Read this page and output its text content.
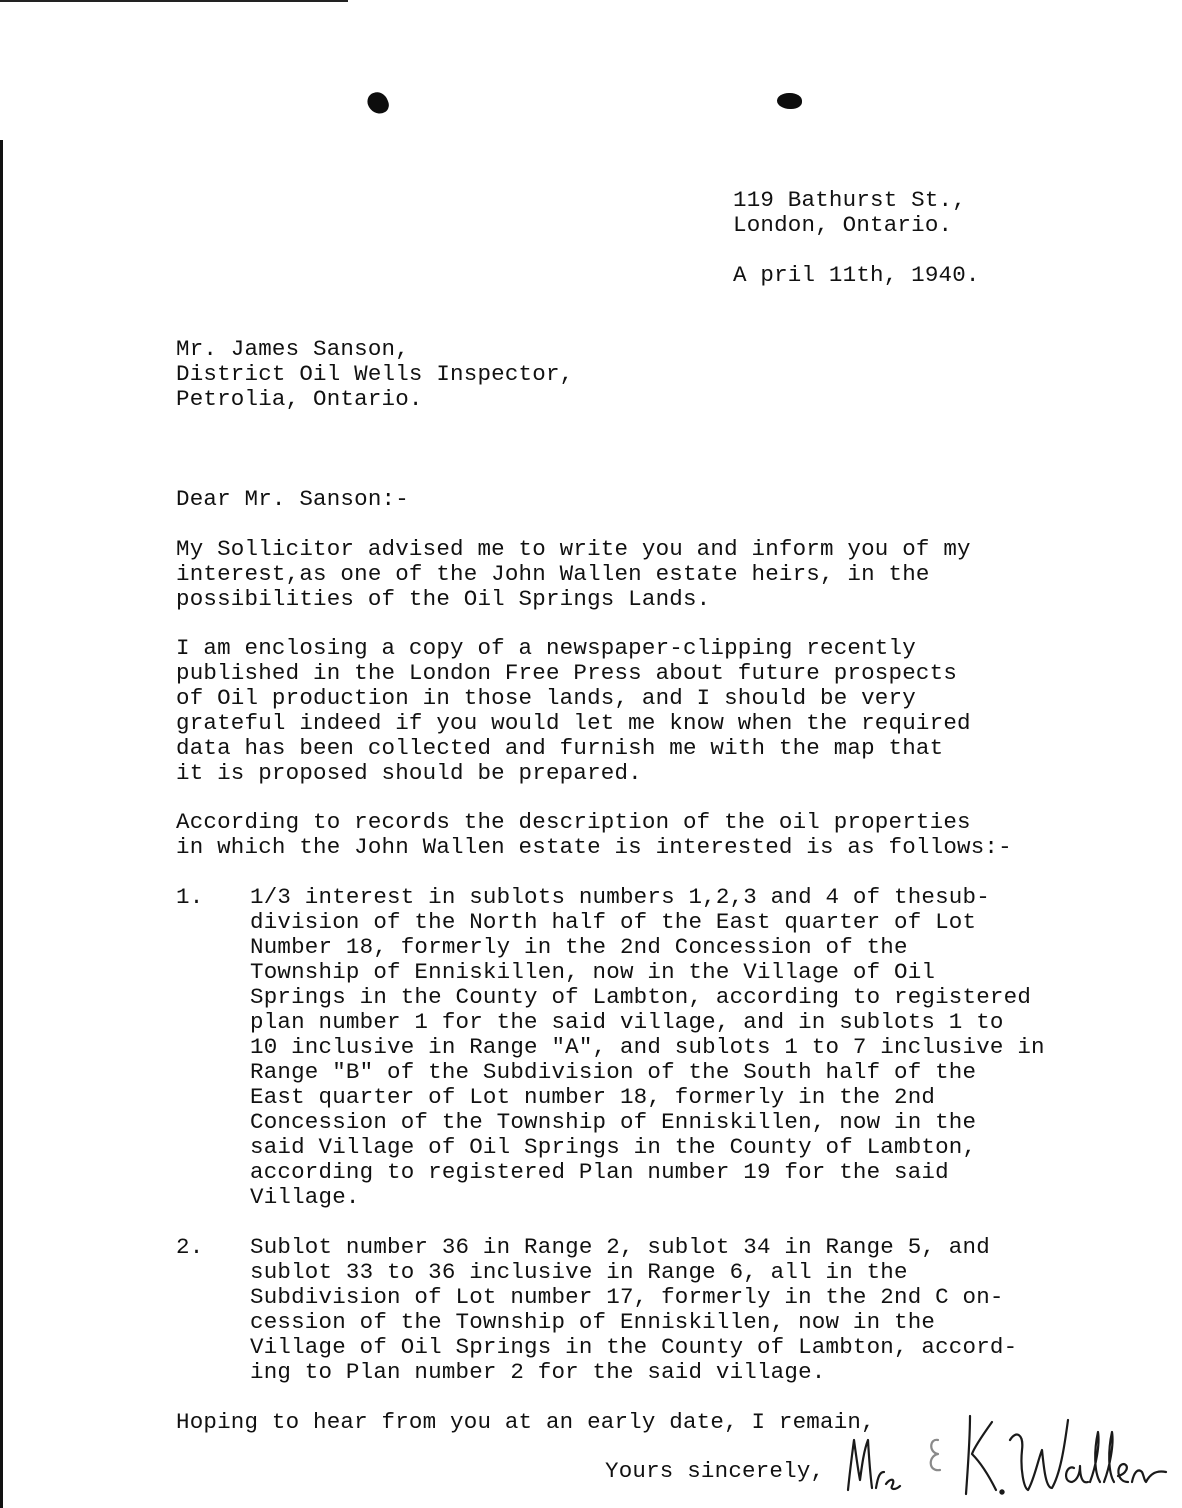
119 Bathurst St.,
London, Ontario.
A pril 11th, 1940.
Mr. James Sanson,
District Oil Wells Inspector,
Petrolia, Ontario.
Dear Mr. Sanson:-
My Sollicitor advised me to write you and inform you of my
interest,as one of the John Wallen estate heirs, in the
possibilities of the Oil Springs Lands.
I am enclosing a copy of a newspaper-clipping recently
published in the London Free Press about future prospects
of Oil production in those lands, and I should be very
grateful indeed if you would let me know when the required
data has been collected and furnish me with the map that
it is proposed should be prepared.
According to records the description of the oil properties
in which the John Wallen estate is interested is as follows:-
1. 1/3 interest in sublots numbers 1,2,3 and 4 of thesub-
division of the North half of the East quarter of Lot
Number 18, formerly in the 2nd Concession of the
Township of Enniskillen, now in the Village of Oil
Springs in the County of Lambton, according to registered
plan number 1 for the said village, and in sublots 1 to
10 inclusive in Range "A", and sublots 1 to 7 inclusive in
Range "B" of the Subdivision of the South half of the
East quarter of Lot number 18, formerly in the 2nd
Concession of the Township of Enniskillen, now in the
said Village of Oil Springs in the County of Lambton,
according to registered Plan number 19 for the said
Village.
2. Sublot number 36 in Range 2, sublot 34 in Range 5, and
sublot 33 to 36 inclusive in Range 6, all in the
Subdivision of Lot number 17, formerly in the 2nd C on-
cession of the Township of Enniskillen, now in the
Village of Oil Springs in the County of Lambton, accord-
ing to Plan number 2 for the said village.
Hoping to hear from you at an early date, I remain,
Yours sincerely,
